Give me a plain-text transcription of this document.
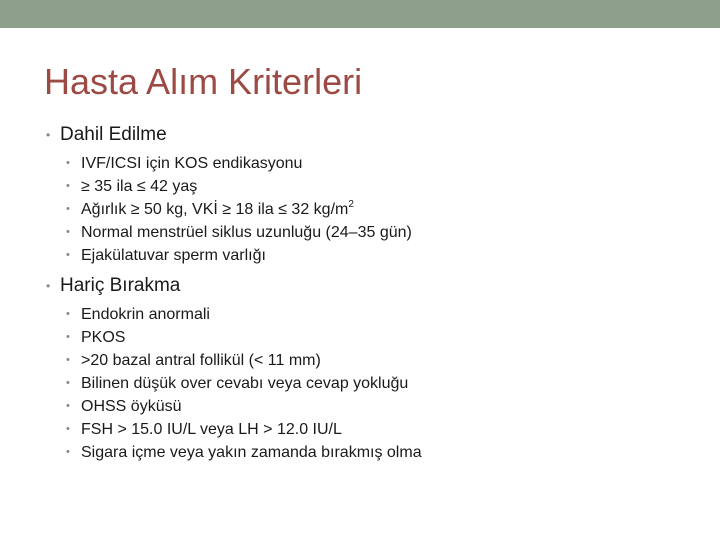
Hasta Alım Kriterleri
• Dahil Edilme
• IVF/ICSI için KOS endikasyonu
• ≥ 35 ila ≤ 42 yaş
• Ağırlık ≥ 50 kg, VKİ ≥ 18 ila ≤ 32 $kg/m^2$
• Normal menstrüel siklus uzunluğu (24–35 gün)
• Ejakülatuvar sperm varlığı
• Hariç Bırakma
• Endokrin anormali
• PKOS
• >20 bazal antral follikül (< 11 mm)
• Bilinen düşük over cevabı veya cevap yokluğu
• OHSS öyküsü
• FSH > 15.0 IU/L veya LH > 12.0 IU/L
• Sigara içme veya yakın zamanda bırakmış olma
